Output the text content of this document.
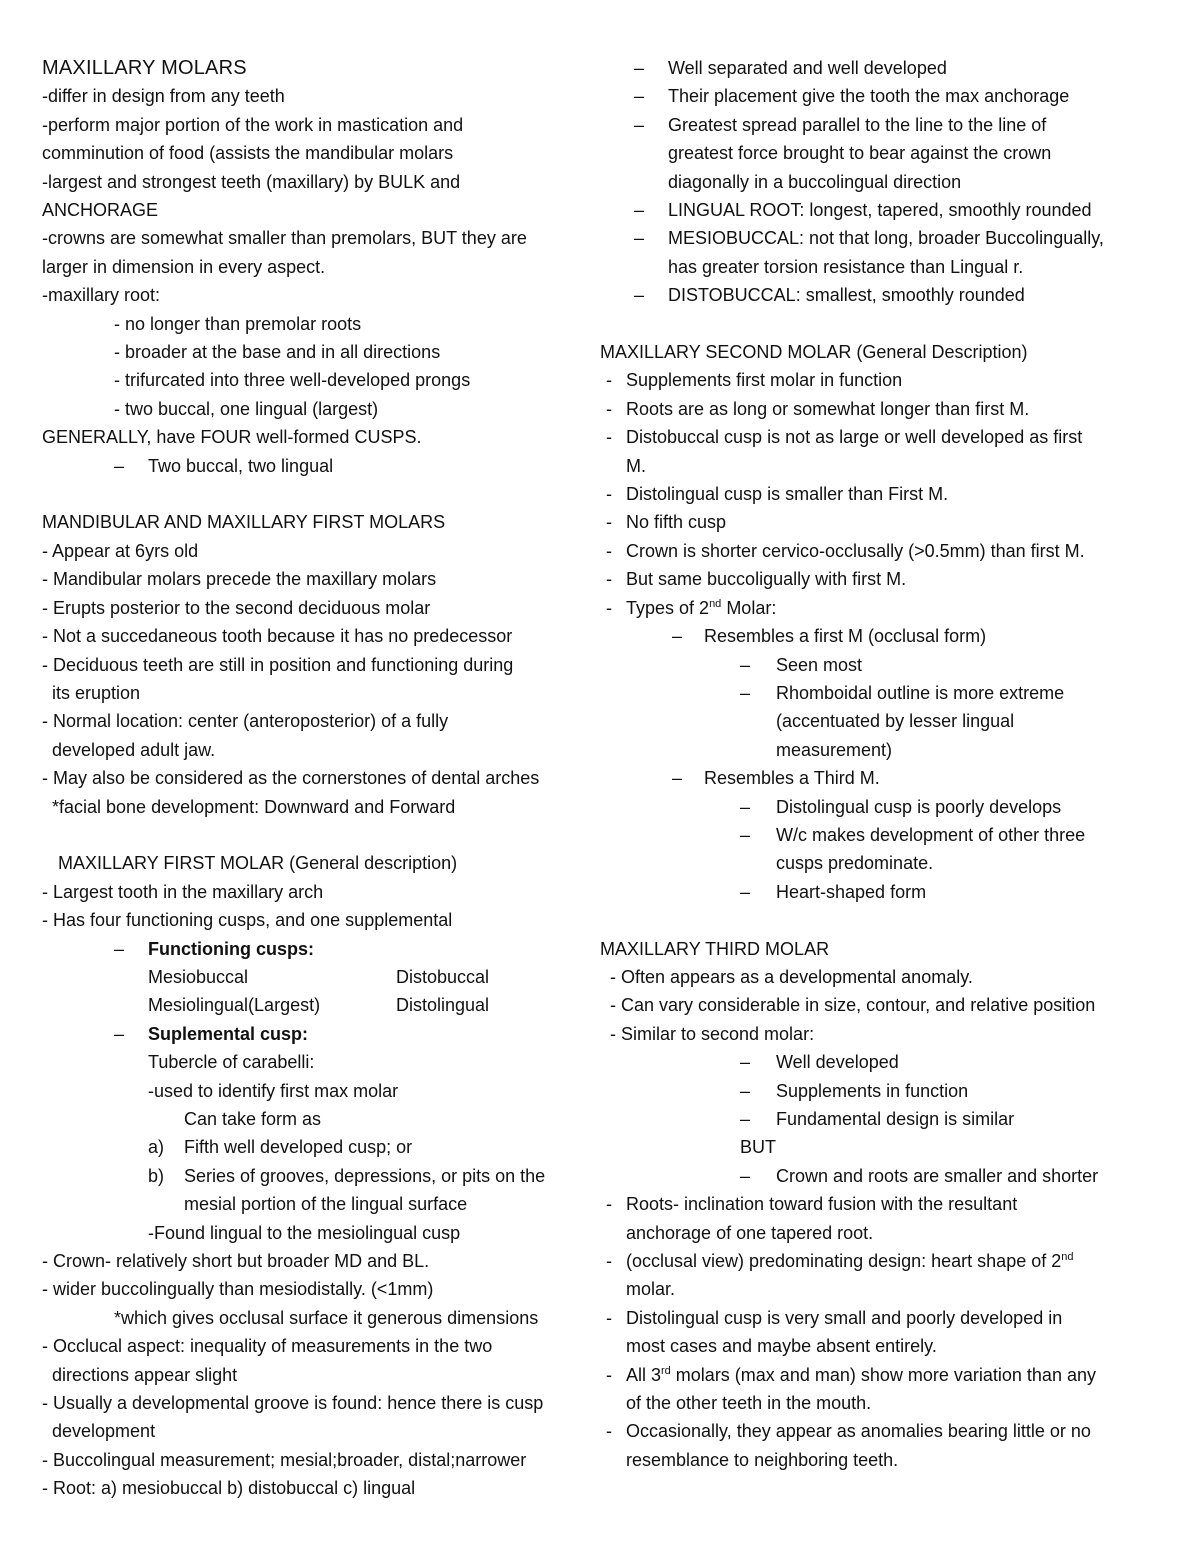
MAXILLARY MOLARS
-differ in design from any teeth
-perform major portion of the work in mastication and
comminution of food (assists the mandibular molars
-largest and strongest teeth (maxillary) by BULK and
ANCHORAGE
-crowns are somewhat smaller than premolars, BUT they are
larger in dimension in every aspect.
-maxillary root:
- no longer than premolar roots
- broader at the base and in all directions
- trifurcated into three well-developed prongs
- two buccal, one lingual (largest)
GENERALLY, have FOUR well-formed CUSPS.
– Two buccal, two lingual
MANDIBULAR AND MAXILLARY FIRST MOLARS
- Appear at 6yrs old
- Mandibular molars precede the maxillary molars
- Erupts posterior to the second deciduous molar
- Not a succedaneous tooth because it has no predecessor
- Deciduous teeth are still in position and functioning during
its eruption
- Normal location: center (anteroposterior) of a fully
developed adult jaw.
- May also be considered as the cornerstones of dental arches
*facial bone development: Downward and Forward
MAXILLARY FIRST MOLAR (General description)
- Largest tooth in the maxillary arch
- Has four functioning cusps, and one supplemental
– Functioning cusps:
Mesiobuccal	Distobuccal
Mesiolingual(Largest)	Distolingual
– Suplemental cusp:
Tubercle of carabelli:
-used to identify first max molar
Can take form as
a) Fifth well developed cusp; or
b) Series of grooves, depressions, or pits on the
mesial portion of the lingual surface
-Found lingual to the mesiolingual cusp
- Crown- relatively short but broader MD and BL.
- wider buccolingually than mesiodistally. (<1mm)
*which gives occlusal surface it generous dimensions
- Occlucal aspect: inequality of measurements in the two
directions appear slight
- Usually a developmental groove is found: hence there is cusp
development
- Buccolingual measurement; mesial;broader, distal;narrower
- Root: a) mesiobuccal b) distobuccal c) lingual
– Well separated and well developed
– Their placement give the tooth the max anchorage
– Greatest spread parallel to the line to the line of
greatest force brought to bear against the crown
diagonally in a buccolingual direction
– LINGUAL ROOT: longest, tapered, smoothly rounded
– MESIOBUCCAL: not that long, broader Buccolingually,
has greater torsion resistance than Lingual r.
– DISTOBUCCAL: smallest, smoothly rounded
MAXILLARY SECOND MOLAR (General Description)
- Supplements first molar in function
- Roots are as long or somewhat longer than first M.
- Distobuccal cusp is not as large or well developed as first
M.
- Distolingual cusp is smaller than First M.
- No fifth cusp
- Crown is shorter cervico-occlusally (>0.5mm) than first M.
- But same buccoligually with first M.
- Types of 2nd Molar:
– Resembles a first M (occlusal form)
– Seen most
– Rhomboidal outline is more extreme
(accentuated by lesser lingual
measurement)
– Resembles a Third M.
– Distolingual cusp is poorly develops
– W/c makes development of other three
cusps predominate.
– Heart-shaped form
MAXILLARY THIRD MOLAR
- Often appears as a developmental anomaly.
- Can vary considerable in size, contour, and relative position
- Similar to second molar:
– Well developed
– Supplements in function
– Fundamental design is similar
BUT
– Crown and roots are smaller and shorter
- Roots- inclination toward fusion with the resultant
anchorage of one tapered root.
- (occlusal view) predominating design: heart shape of 2nd
molar.
- Distolingual cusp is very small and poorly developed in
most cases and maybe absent entirely.
- All 3rd molars (max and man) show more variation than any
of the other teeth in the mouth.
- Occasionally, they appear as anomalies bearing little or no
resemblance to neighboring teeth.
